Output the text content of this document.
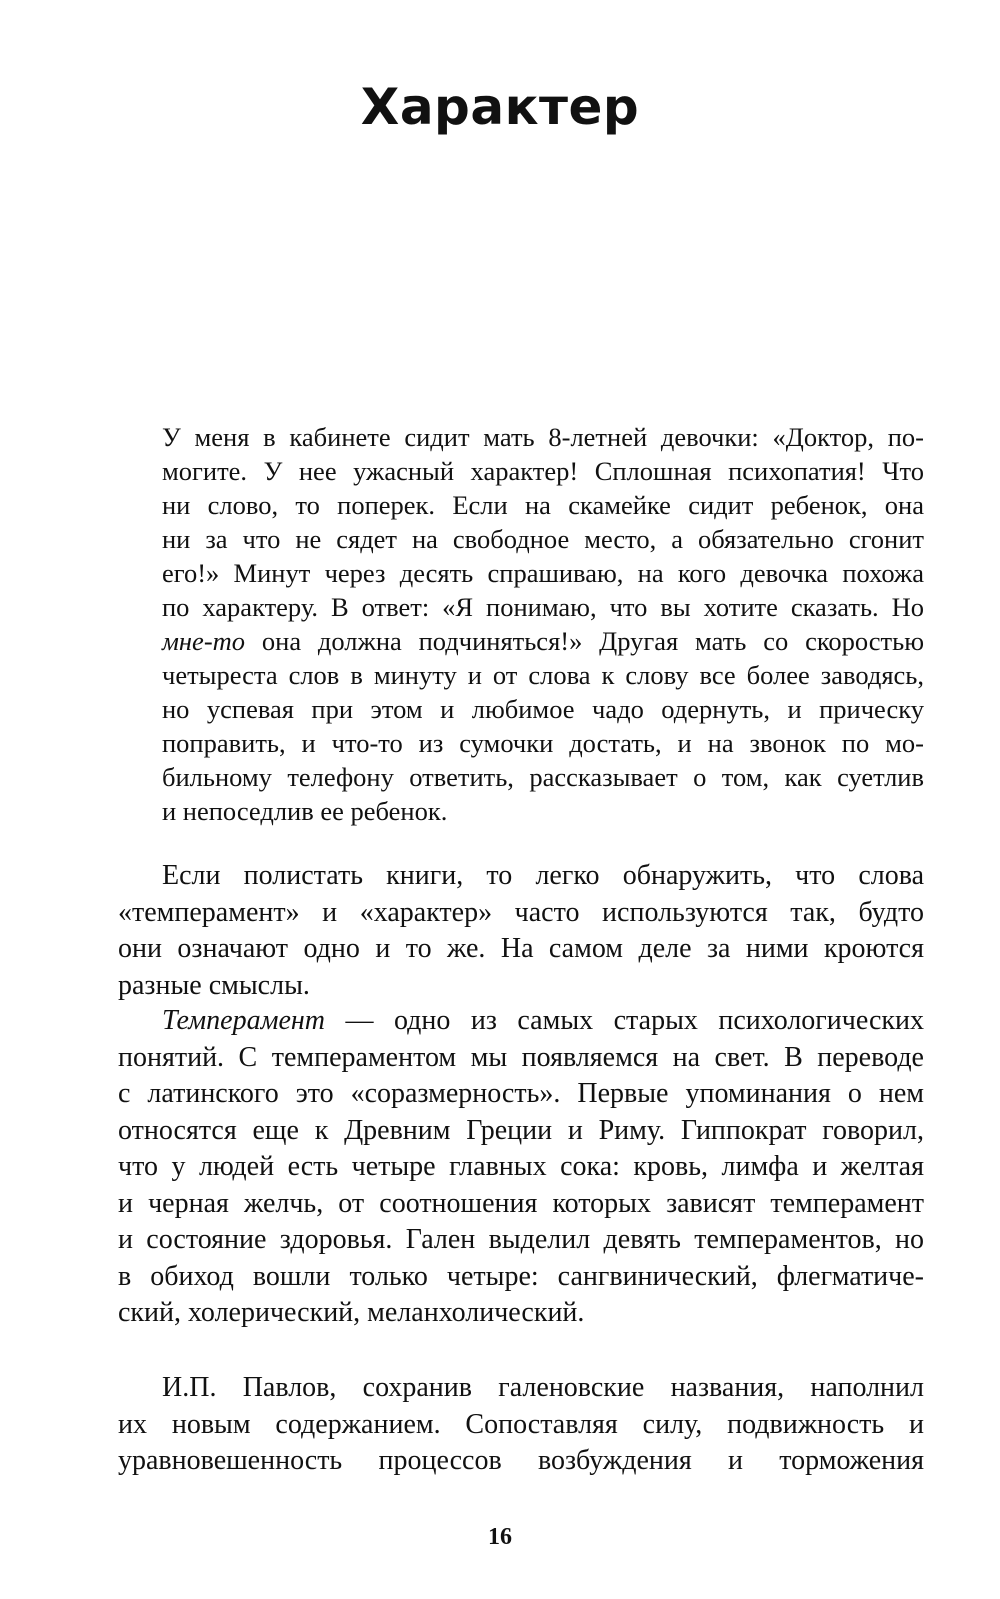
Характер
У меня в кабинете сидит мать 8-летней девочки: «Доктор, по-
могите. У нее ужасный характер! Сплошная психопатия! Что
ни слово, то поперек. Если на скамейке сидит ребенок, она
ни за что не сядет на свободное место, а обязательно сгонит
его!» Минут через десять спрашиваю, на кого девочка похожа
по характеру. В ответ: «Я понимаю, что вы хотите сказать. Но
мне-то она должна подчиняться!» Другая мать со скоростью
четыреста слов в минуту и от слова к слову все более заводясь,
но успевая при этом и любимое чадо одернуть, и прическу
поправить, и что-то из сумочки достать, и на звонок по мо-
бильному телефону ответить, рассказывает о том, как суетлив
и непоседлив ее ребенок.
Если полистать книги, то легко обнаружить, что слова
«темперамент» и «характер» часто используются так, будто
они означают одно и то же. На самом деле за ними кроются
разные смыслы.
Темперамент — одно из самых старых психологических
понятий. С темпераментом мы появляемся на свет. В переводе
с латинского это «соразмерность». Первые упоминания о нем
относятся еще к Древним Греции и Риму. Гиппократ говорил,
что у людей есть четыре главных сока: кровь, лимфа и желтая
и черная желчь, от соотношения которых зависят темперамент
и состояние здоровья. Гален выделил девять темпераментов, но
в обиход вошли только четыре: сангвинический, флегматиче-
ский, холерический, меланхолический.
И.П. Павлов, сохранив галеновские названия, наполнил
их новым содержанием. Сопоставляя силу, подвижность и
уравновешенность процессов возбуждения и торможения
16
